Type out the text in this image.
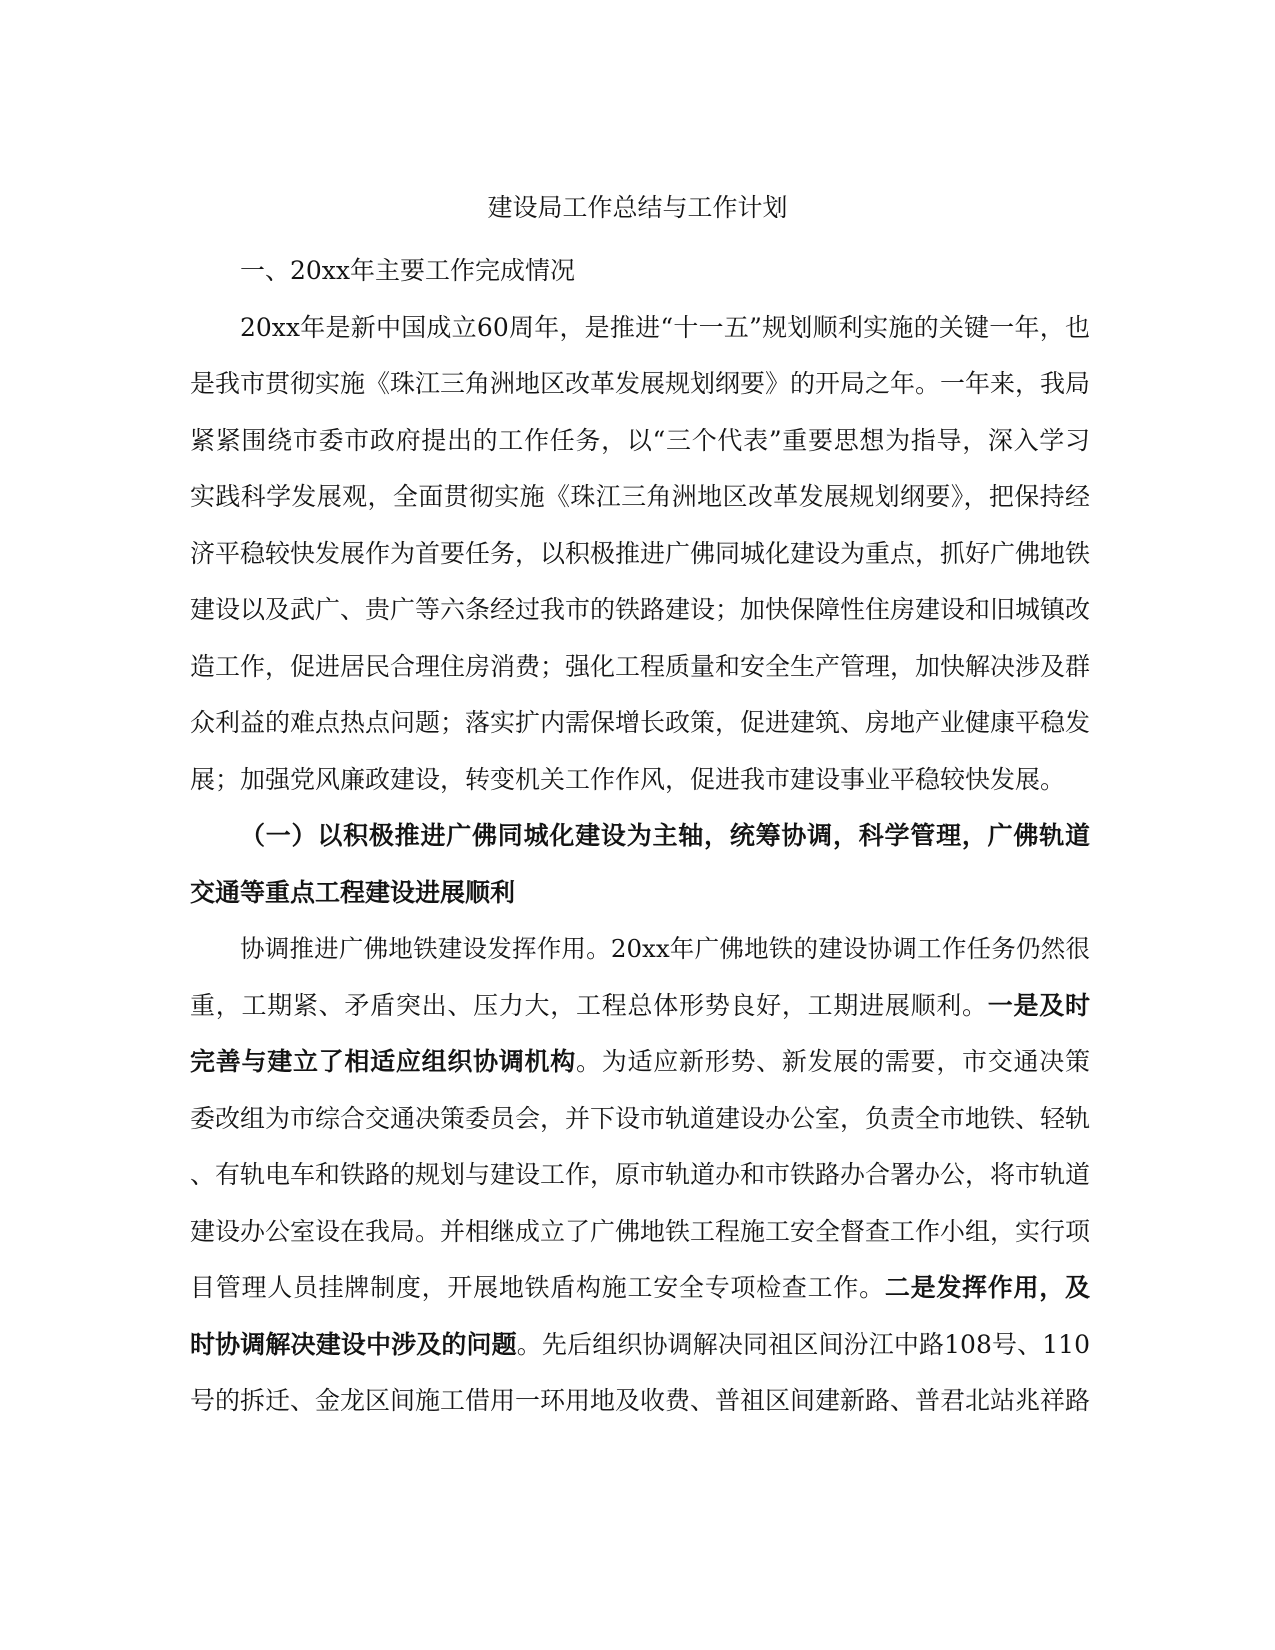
建设局工作总结与工作计划
一、20xx年主要工作完成情况
20xx年是新中国成立60周年，是推进“十一五”规划顺利实施的关键一年，也
是我市贯彻实施《珠江三角洲地区改革发展规划纲要》的开局之年。一年来，我局
紧紧围绕市委市政府提出的工作任务，以“三个代表”重要思想为指导，深入学习
实践科学发展观，全面贯彻实施《珠江三角洲地区改革发展规划纲要》，把保持经
济平稳较快发展作为首要任务，以积极推进广佛同城化建设为重点，抓好广佛地铁
建设以及武广、贵广等六条经过我市的铁路建设；加快保障性住房建设和旧城镇改
造工作，促进居民合理住房消费；强化工程质量和安全生产管理，加快解决涉及群
众利益的难点热点问题；落实扩内需保增长政策，促进建筑、房地产业健康平稳发
展；加强党风廉政建设，转变机关工作作风，促进我市建设事业平稳较快发展。
（一）以积极推进广佛同城化建设为主轴，统筹协调，科学管理，广佛轨道
交通等重点工程建设进展顺利
协调推进广佛地铁建设发挥作用。20xx年广佛地铁的建设协调工作任务仍然很
重，工期紧、矛盾突出、压力大，工程总体形势良好，工期进展顺利。一是及时
完善与建立了相适应组织协调机构。为适应新形势、新发展的需要，市交通决策
委改组为市综合交通决策委员会，并下设市轨道建设办公室，负责全市地铁、轻轨
、有轨电车和铁路的规划与建设工作，原市轨道办和市铁路办合署办公，将市轨道
建设办公室设在我局。并相继成立了广佛地铁工程施工安全督查工作小组，实行项
目管理人员挂牌制度，开展地铁盾构施工安全专项检查工作。二是发挥作用，及
时协调解决建设中涉及的问题。先后组织协调解决同祖区间汾江中路108号、110
号的拆迁、金龙区间施工借用一环用地及收费、普祖区间建新路、普君北站兆祥路
